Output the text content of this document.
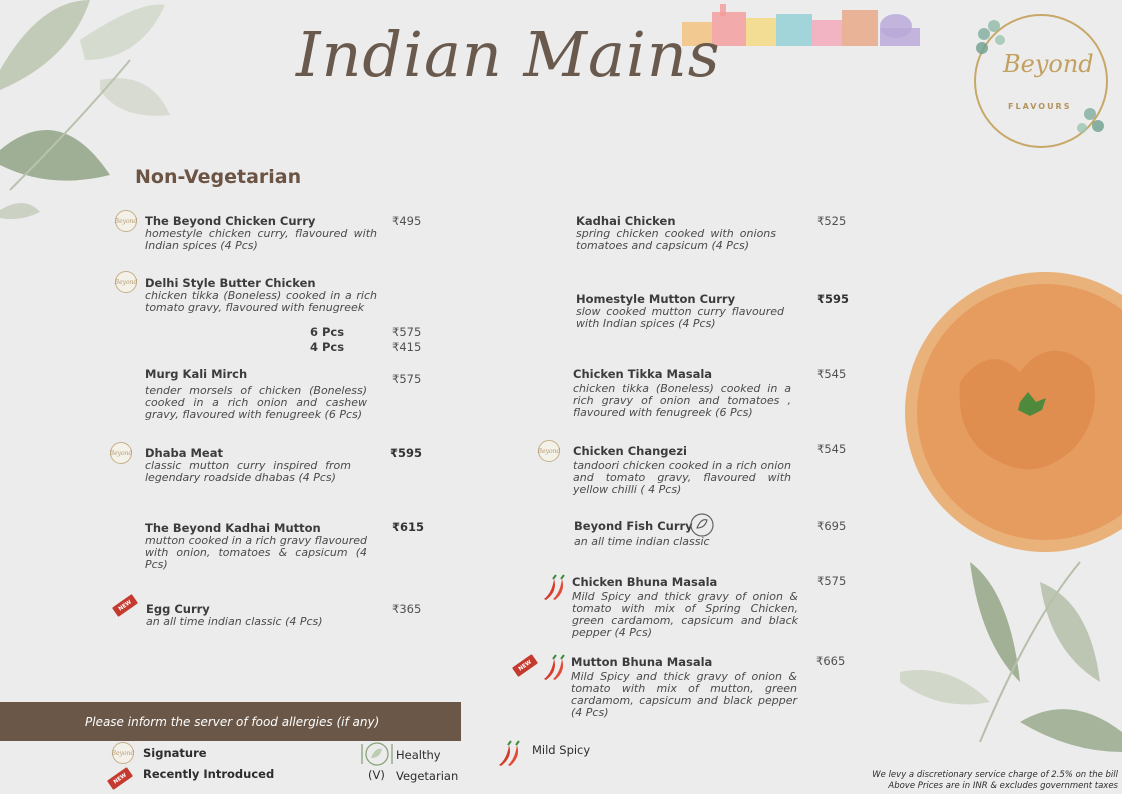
Indian Mains	Beyond
FLAVOURS
Non-Vegetarian
Beyond The Beyond Chicken Curry
homestyle chicken curry, flavoured with Indian spices (4 Pcs)
₹495
Beyond Delhi Style Butter Chicken
chicken tikka (Boneless) cooked in a rich tomato gravy, flavoured with fenugreek
6 Pcs	₹575
4 Pcs	₹415
Murg Kali Mirch
tender morsels of chicken (Boneless) cooked in a rich onion and cashew gravy, flavoured with fenugreek (6 Pcs)
₹575
Beyond Dhaba Meat
classic mutton curry inspired from legendary roadside dhabas (4 Pcs)
₹595
The Beyond Kadhai Mutton
mutton cooked in a rich gravy flavoured with onion, tomatoes & capsicum (4 Pcs)
₹615
NEW	Egg Curry
an all time indian classic (4 Pcs)
₹365
Kadhai Chicken
spring chicken cooked with onions tomatoes and capsicum (4 Pcs)
₹525
Homestyle Mutton Curry
slow cooked mutton curry flavoured with Indian spices (4 Pcs)
₹595
Chicken Tikka Masala
chicken tikka (Boneless) cooked in a rich gravy of onion and tomatoes , flavoured with fenugreek (6 Pcs)
₹545
Beyond Chicken Changezi
tandoori chicken cooked in a rich onion and tomato gravy, flavoured with yellow chilli ( 4 Pcs)
₹545
Beyond Fish Curry
an all time indian classic
₹695
Chicken Bhuna Masala
Mild Spicy and thick gravy of onion & tomato with mix of Spring Chicken, green cardamom, capsicum and black pepper (4 Pcs)
₹575
NEW	Mutton Bhuna Masala
Mild Spicy and thick gravy of onion & tomato with mix of mutton, green cardamom, capsicum and black pepper (4 Pcs)
₹665
Please inform the server of food allergies (if any)
Beyond Signature
NEW	Recently Introduced
Healthy
(V) Vegetarian
Mild Spicy
We levy a discretionary service charge of 2.5% on the bill
Above Prices are in INR & excludes government taxes
